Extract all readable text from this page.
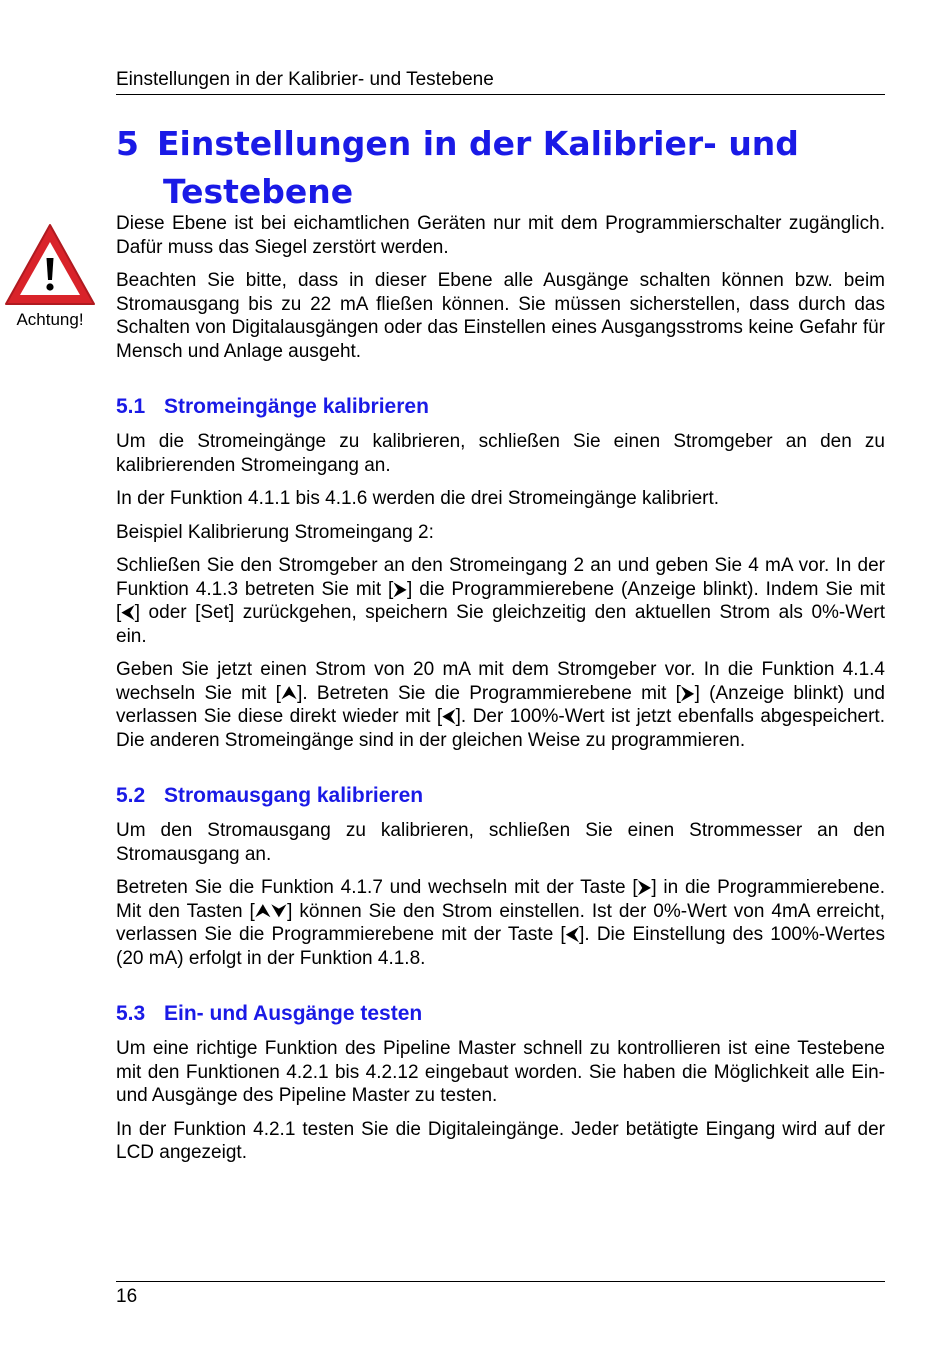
Einstellungen in der Kalibrier- und Testebene
5 Einstellungen in der Kalibrier- und
Testebene
Achtung!

Diese Ebene ist bei eichamtlichen Geräten nur mit dem Programmierschalter zugänglich. Dafür muss das Siegel zerstört werden.

Beachten Sie bitte, dass in dieser Ebene alle Ausgänge schalten können bzw. beim Stromausgang bis zu 22 mA fließen können. Sie müssen sicherstellen, dass durch das Schalten von Digitalausgängen oder das Einstellen eines Ausgangsstroms keine Gefahr für Mensch und Anlage ausgeht.

5.1 Stromeingänge kalibrieren

Um die Stromeingänge zu kalibrieren, schließen Sie einen Stromgeber an den zu kalibrierenden Stromeingang an.

In der Funktion 4.1.1 bis 4.1.6 werden die drei Stromeingänge kalibriert.

Beispiel Kalibrierung Stromeingang 2:

Schließen Sie den Stromgeber an den Stromeingang 2 an und geben Sie 4 mA vor. In der Funktion 4.1.3 betreten Sie mit [⮞] die Programmierebene (Anzeige blinkt). Indem Sie mit [⮜] oder [Set] zurückgehen, speichern Sie gleichzeitig den aktuellen Strom als 0%-Wert ein.

Geben Sie jetzt einen Strom von 20 mA mit dem Stromgeber vor. In die Funktion 4.1.4 wechseln Sie mit [⮝]. Betreten Sie die Programmierebene mit [⮞] (Anzeige blinkt) und verlassen Sie diese direkt wieder mit [⮜]. Der 100%-Wert ist jetzt ebenfalls abgespeichert. Die anderen Stromeingänge sind in der gleichen Weise zu programmieren.

5.2 Stromausgang kalibrieren

Um den Stromausgang zu kalibrieren, schließen Sie einen Strommesser an den Stromausgang an.

Betreten Sie die Funktion 4.1.7 und wechseln mit der Taste [⮞] in die Programmierebene. Mit den Tasten [⮝⮟] können Sie den Strom einstellen. Ist der 0%-Wert von 4mA erreicht, verlassen Sie die Programmierebene mit der Taste [⮜]. Die Einstellung des 100%-Wertes (20 mA) erfolgt in der Funktion 4.1.8.

5.3 Ein- und Ausgänge testen

Um eine richtige Funktion des Pipeline Master schnell zu kontrollieren ist eine Testebene mit den Funktionen 4.2.1 bis 4.2.12 eingebaut worden. Sie haben die Möglichkeit alle Ein- und Ausgänge des Pipeline Master zu testen.

In der Funktion 4.2.1 testen Sie die Digitaleingänge. Jeder betätigte Eingang wird auf der LCD angezeigt.

16
